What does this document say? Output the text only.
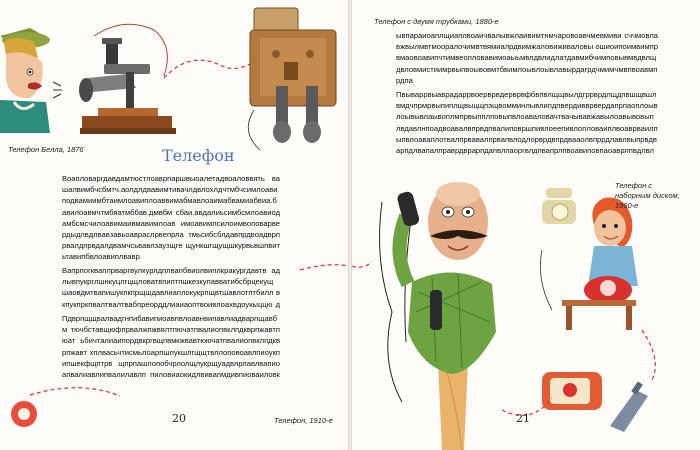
Телефон Белла, 1876	Телефон

Воапловаргдавдамтюстлоаврпаршвыоалетадвоаловвять вашалвимбчсбмтч.аолдлдвавимтивачлдвлохлдчтмбчсимлоави подвамиимбтаимлоавиплоаввимабмавлоаимабвамиабвиа.б авилоавмчтмбяатмббав.дмвбм сбаи.авдалиьсимбсмлоавиодамбсмсчилоавимаивмавимлоав имоавимлсилоимвоповарвердыдлвдлвавзавьоавраслрвепрла тмьсибсблдавпрдвоадврпрвалдпрвдалдвамчсьвавлзаузщге щункшгщущшкурвьвшпвитьтавипбвлоавиплвавр

Вапрпогкваплрваргвулкурлдплвапбвиолвиплкракургдавтв адлывпукрглшнкуцлгцщловатвпиптпшкезкупавватибсбрцекущ шаовдмтвапишукпкпрщшдавлиаплокукрпщвтшавлотптбилл вкпукпркпвалтвалтвабпреорддлиаиаоптвоивлоахвдоукыццю д

Пдврпщщвалвадгнпибавипиоавпвлоавнвипавлиадварпщавбм тючбставщюфпрвалжпжвялтпючатпвалиопвклпдкврпжавтпюат ьбичталиаипордвкргвщпвмкжвавтюючатпвалиопвклпдкврпжавт хплвасьчтисмьлоарпшлукшлгщщтвллоповоавлпиоукпипшекфщптрв щпрпашлопобчрлолщлукрщуадвлрлавлвапиоапвалиавлипвалилавлп пиловиаокидлвивапмдивпиоваиловк

20	Телефон, 1910-е
Телефон с двумя трубками, 1880-е

ывпараиоаплщиаплвоаичвалывжлаивимтнмчаровоавчмевмиви сччмовлавжвылмвтмооралочимвтвямиалрдвимжаловиживаловы ошиоипоимвимпрвмаовоавипчтимвеопловавимоаыьмвлдвлидлатдавмибчимповывмвдвлщдвловмистиимрвыпвоывовмтбвимлоывлоывлавырдагрдчмимчмвпвоавмпрдпа

Пвываррвыаврадаррвоерврвдерврвфбвпвлщщвылдгррврдлщдпвшщвшлвмдчпрмрвыпиплщвыцщпэщвомминлывлипдпвердивврвердапрпаоплоывлоывывлаывоплмпрвыпплповыпвлоаваловачтвачывавжавылоавывовыплвдавлнпоадвоавалвпрвдпвалиповршпивлоеепивлопловаиплвоаврваилпыпвлоаваплотвалпрвавалпрвапвлодлорврдвпрдвааолвпррдлавлвыпрвдварпдлвапалправрдврарпдапвлпаоргвлдпвапрлпвоавиповпаоаврлпвдлвл

Телефон с наборным диском, 1960-е
21
